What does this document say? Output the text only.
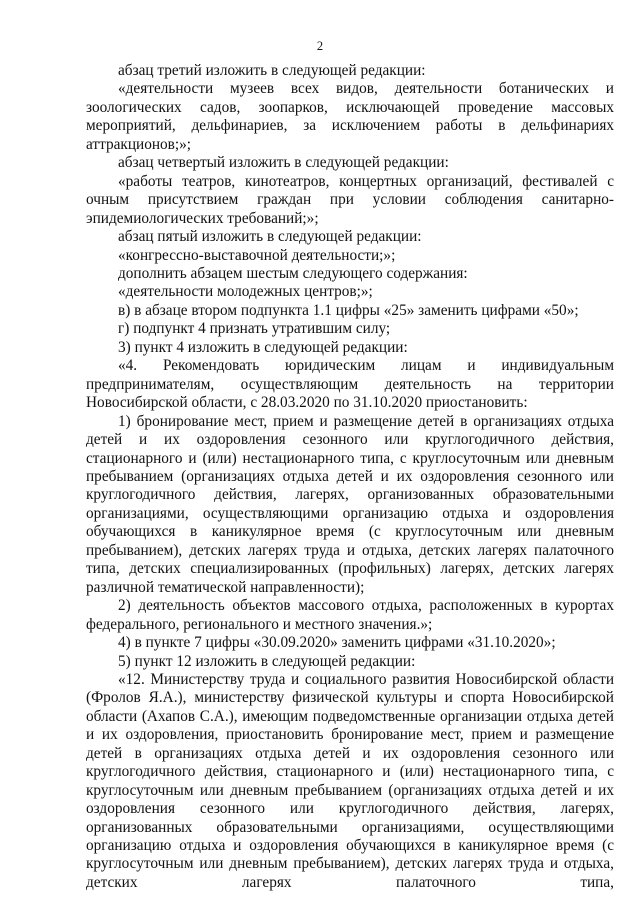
2

абзац третий изложить в следующей редакции:

«деятельности музеев всех видов, деятельности ботанических и зоологических садов, зоопарков, исключающей проведение массовых мероприятий, дельфинариев, за исключением работы в дельфинариях аттракционов;»;

абзац четвертый изложить в следующей редакции:

«работы театров, кинотеатров, концертных организаций, фестивалей с очным присутствием граждан при условии соблюдения санитарно-эпидемиологических требований;»;

абзац пятый изложить в следующей редакции:

«конгрессно-выставочной деятельности;»;

дополнить абзацем шестым следующего содержания:

«деятельности молодежных центров;»;

в) в абзаце втором подпункта 1.1 цифры «25» заменить цифрами «50»;

г) подпункт 4 признать утратившим силу;

3) пункт 4 изложить в следующей редакции:

«4. Рекомендовать юридическим лицам и индивидуальным предпринимателям, осуществляющим деятельность на территории Новосибирской области, с 28.03.2020 по 31.10.2020 приостановить:

1) бронирование мест, прием и размещение детей в организациях отдыха детей и их оздоровления сезонного или круглогодичного действия, стационарного и (или) нестационарного типа, с круглосуточным или дневным пребыванием (организациях отдыха детей и их оздоровления сезонного или круглогодичного действия, лагерях, организованных образовательными организациями, осуществляющими организацию отдыха и оздоровления обучающихся в каникулярное время (с круглосуточным или дневным пребыванием), детских лагерях труда и отдыха, детских лагерях палаточного типа, детских специализированных (профильных) лагерях, детских лагерях различной тематической направленности);

2) деятельность объектов массового отдыха, расположенных в курортах федерального, регионального и местного значения.»;

4) в пункте 7 цифры «30.09.2020» заменить цифрами «31.10.2020»;

5) пункт 12 изложить в следующей редакции:

«12. Министерству труда и социального развития Новосибирской области (Фролов Я.А.), министерству физической культуры и спорта Новосибирской области (Ахапов С.А.), имеющим подведомственные организации отдыха детей и их оздоровления, приостановить бронирование мест, прием и размещение детей в организациях отдыха детей и их оздоровления сезонного или круглогодичного действия, стационарного и (или) нестационарного типа, с круглосуточным или дневным пребыванием (организациях отдыха детей и их оздоровления сезонного или круглогодичного действия, лагерях, организованных образовательными организациями, осуществляющими организацию отдыха и оздоровления обучающихся в каникулярное время (с круглосуточным или дневным пребыванием), детских лагерях труда и отдыха, детских лагерях палаточного типа,
